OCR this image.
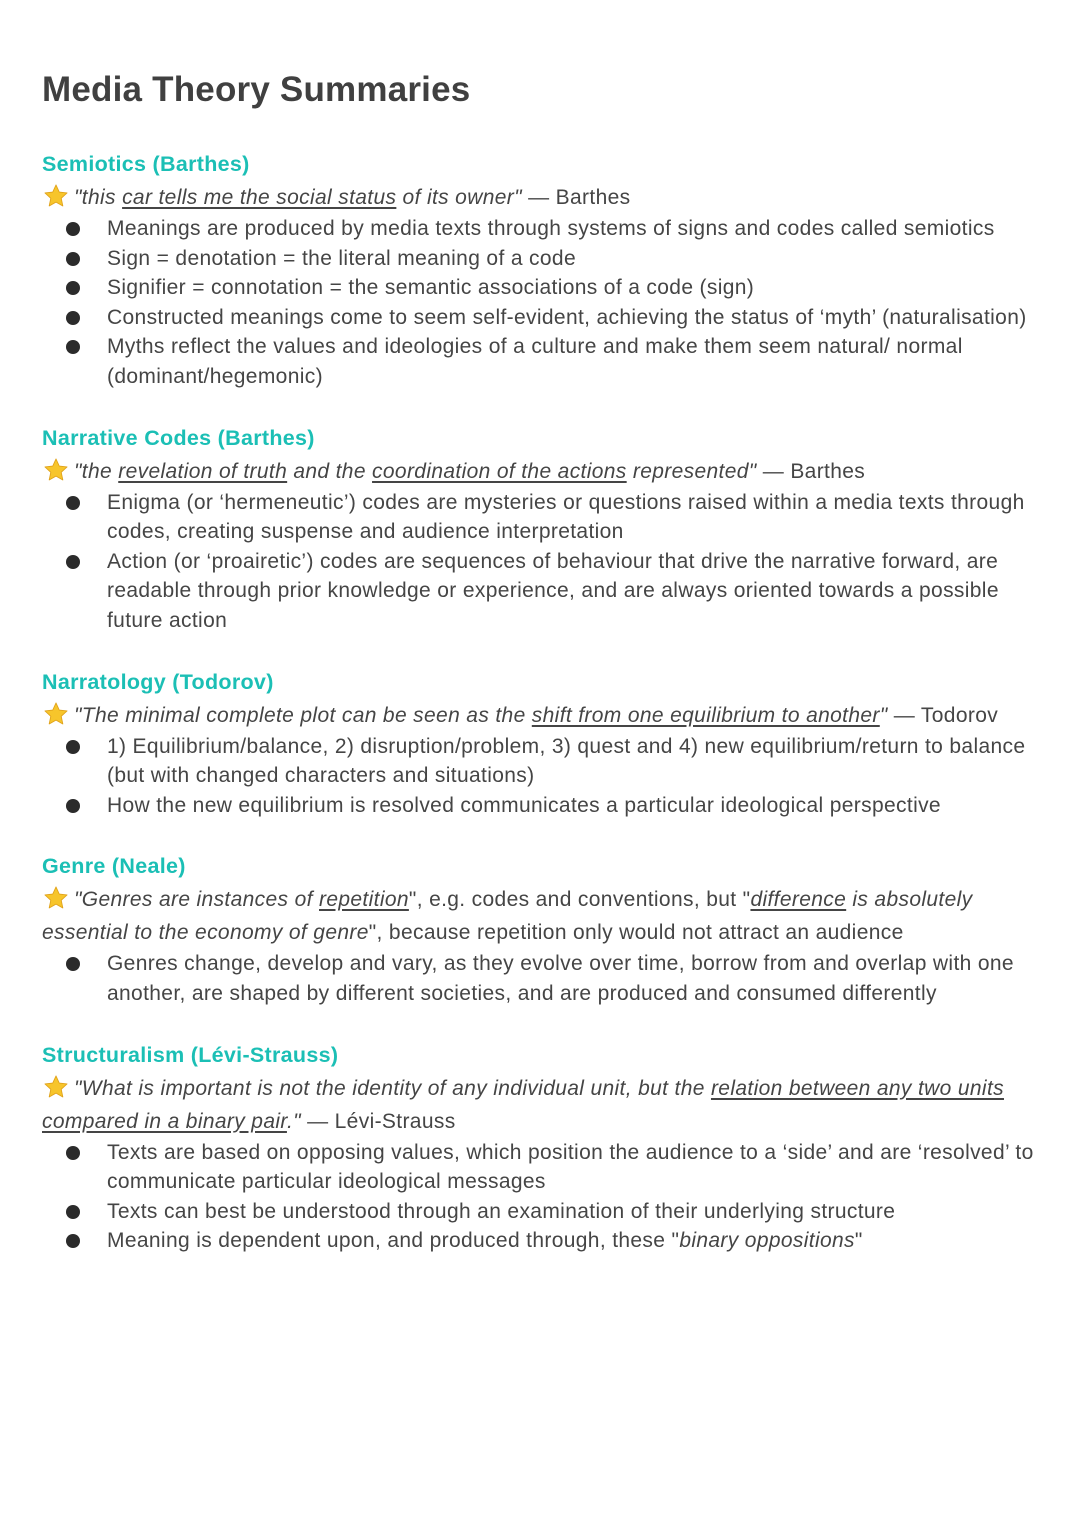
Media Theory Summaries
Semiotics (Barthes)
"this car tells me the social status of its owner" — Barthes
Meanings are produced by media texts through systems of signs and codes called semiotics
Sign = denotation = the literal meaning of a code
Signifier = connotation = the semantic associations of a code (sign)
Constructed meanings come to seem self-evident, achieving the status of ‘myth’ (naturalisation)
Myths reflect the values and ideologies of a culture and make them seem natural/ normal (dominant/hegemonic)
Narrative Codes (Barthes)
"the revelation of truth and the coordination of the actions represented" — Barthes
Enigma (or ‘hermeneutic’) codes are mysteries or questions raised within a media texts through codes, creating suspense and audience interpretation
Action (or ‘proairetic’) codes are sequences of behaviour that drive the narrative forward, are readable through prior knowledge or experience, and are always oriented towards a possible future action
Narratology (Todorov)
"The minimal complete plot can be seen as the shift from one equilibrium to another" — Todorov
1) Equilibrium/balance, 2) disruption/problem, 3) quest and 4) new equilibrium/return to balance (but with changed characters and situations)
How the new equilibrium is resolved communicates a particular ideological perspective
Genre (Neale)
"Genres are instances of repetition", e.g. codes and conventions, but "difference is absolutely essential to the economy of genre", because repetition only would not attract an audience
Genres change, develop and vary, as they evolve over time, borrow from and overlap with one another, are shaped by different societies, and are produced and consumed differently
Structuralism (Lévi-Strauss)
"What is important is not the identity of any individual unit, but the relation between any two units compared in a binary pair." — Lévi-Strauss
Texts are based on opposing values, which position the audience to a ‘side’ and are ‘resolved’ to communicate particular ideological messages
Texts can best be understood through an examination of their underlying structure
Meaning is dependent upon, and produced through, these "binary oppositions"
